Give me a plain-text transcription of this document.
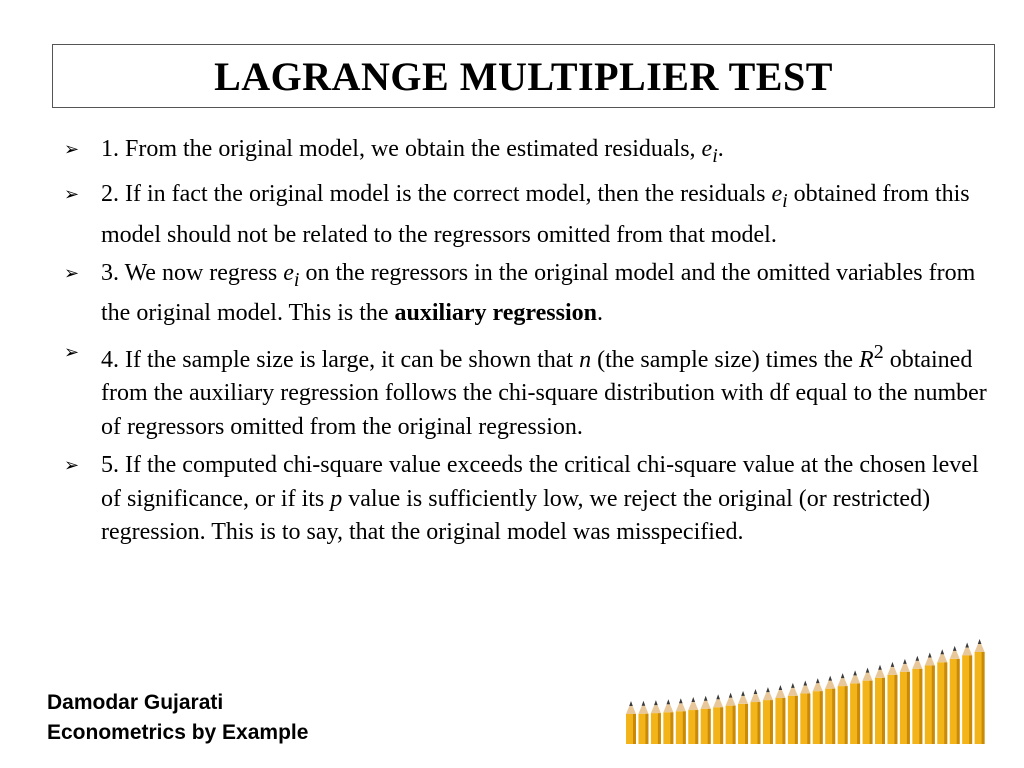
LAGRANGE MULTIPLIER TEST
➢ 1. From the original model, we obtain the estimated residuals, $e_i$.
➢ 2. If in fact the original model is the correct model, then the residuals $e_i$ obtained from this model should not be related to the regressors omitted from that model.
➢ 3. We now regress $e_i$ on the regressors in the original model and the omitted variables from the original model. This is the auxiliary regression.
➢ 4. If the sample size is large, it can be shown that n (the sample size) times the $R^2$ obtained from the auxiliary regression follows the chi-square distribution with df equal to the number of regressors omitted from the original regression.
➢ 5. If the computed chi-square value exceeds the critical chi-square value at the chosen level of significance, or if its p value is sufficiently low, we reject the original (or restricted) regression. This is to say, that the original model was misspecified.
Damodar Gujarati
Econometrics by Example
